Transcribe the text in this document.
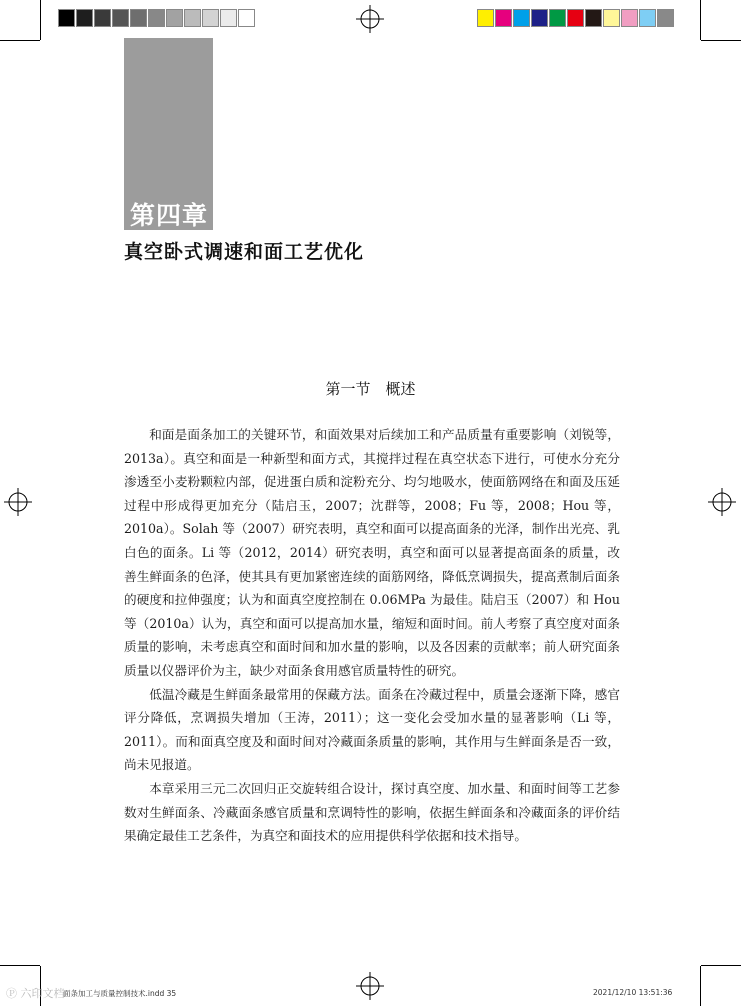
第四章
真空卧式调速和面工艺优化
第一节　概述

和面是面条加工的关键环节，和面效果对后续加工和产品质量有重要影响（刘锐等，2013a）。真空和面是一种新型和面方式，其搅拌过程在真空状态下进行，可使水分充分渗透至小麦粉颗粒内部，促进蛋白质和淀粉充分、均匀地吸水，使面筋网络在和面及压延过程中形成得更加充分（陆启玉，2007；沈群等，2008；Fu 等，2008；Hou 等，2010a）。Solah 等（2007）研究表明，真空和面可以提高面条的光泽，制作出光亮、乳白色的面条。Li 等（2012，2014）研究表明，真空和面可以显著提高面条的质量，改善生鲜面条的色泽，使其具有更加紧密连续的面筋网络，降低烹调损失，提高煮制后面条的硬度和拉伸强度；认为和面真空度控制在 0.06MPa 为最佳。陆启玉（2007）和 Hou 等（2010a）认为，真空和面可以提高加水量，缩短和面时间。前人考察了真空度对面条质量的影响，未考虑真空和面时间和加水量的影响，以及各因素的贡献率；前人研究面条质量以仪器评价为主，缺少对面条食用感官质量特性的研究。

低温冷藏是生鲜面条最常用的保藏方法。面条在冷藏过程中，质量会逐渐下降，感官评分降低，烹调损失增加（王涛，2011）；这一变化会受加水量的显著影响（Li 等，2011）。而和面真空度及和面时间对冷藏面条质量的影响，其作用与生鲜面条是否一致，尚未见报道。

本章采用三元二次回归正交旋转组合设计，探讨真空度、加水量、和面时间等工艺参数对生鲜面条、冷藏面条感官质量和烹调特性的影响，依据生鲜面条和冷藏面条的评价结果确定最佳工艺条件，为真空和面技术的应用提供科学依据和技术指导。

Ⓟ 六印文档
面条加工与质量控制技术.indd 35	2021/12/10 13:51:36
